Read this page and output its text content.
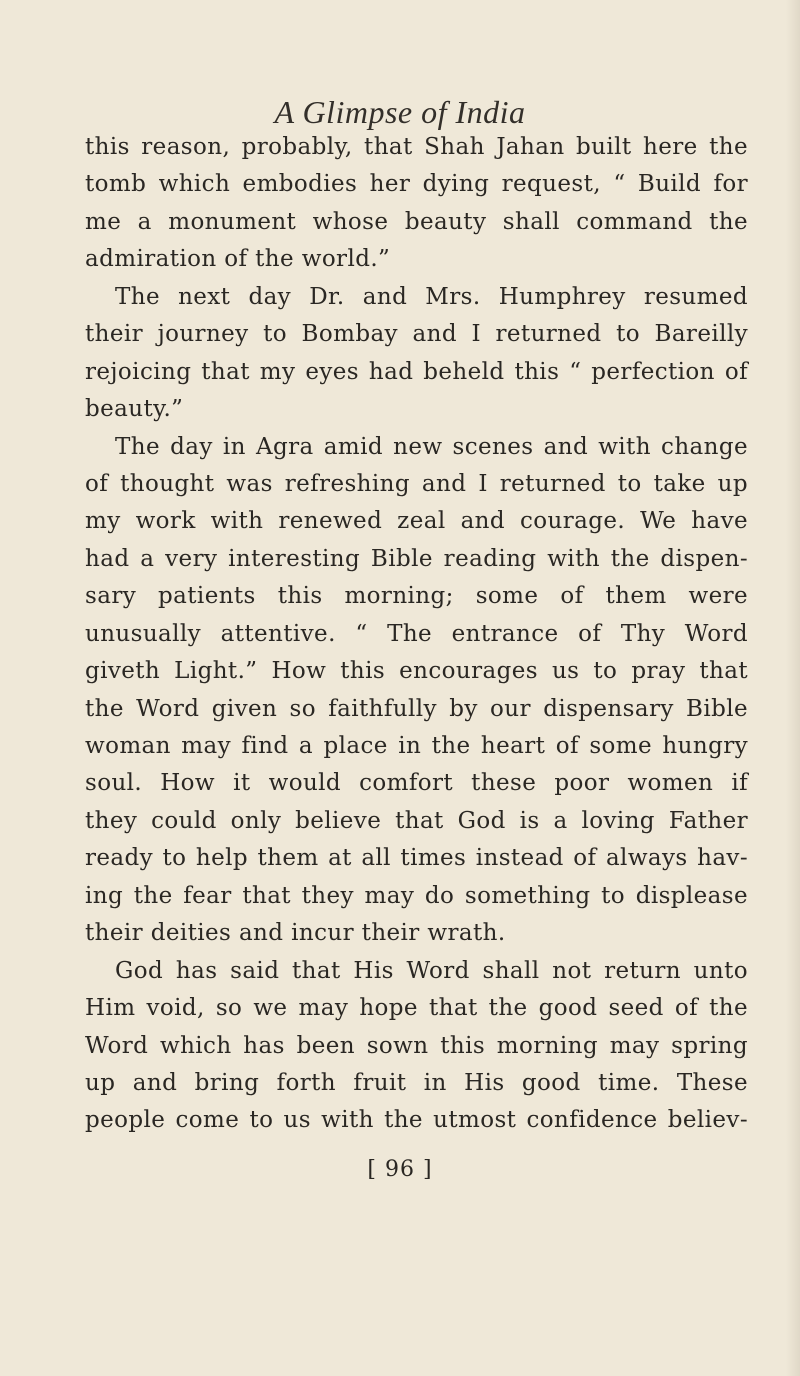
A Glimpse of India
this reason, probably, that Shah Jahan built here the
tomb which embodies her dying request, “ Build for
me a monument whose beauty shall command the
admiration of the world.”
The next day Dr. and Mrs. Humphrey resumed
their journey to Bombay and I returned to Bareilly
rejoicing that my eyes had beheld this “ perfection of
beauty.”
The day in Agra amid new scenes and with change
of thought was refreshing and I returned to take up
my work with renewed zeal and courage. We have
had a very interesting Bible reading with the dispen-
sary patients this morning; some of them were
unusually attentive. “ The entrance of Thy Word
giveth Light.” How this encourages us to pray that
the Word given so faithfully by our dispensary Bible
woman may find a place in the heart of some hungry
soul. How it would comfort these poor women if
they could only believe that God is a loving Father
ready to help them at all times instead of always hav-
ing the fear that they may do something to displease
their deities and incur their wrath.
God has said that His Word shall not return unto
Him void, so we may hope that the good seed of the
Word which has been sown this morning may spring
up and bring forth fruit in His good time. These
people come to us with the utmost confidence believ-
[ 96 ]
